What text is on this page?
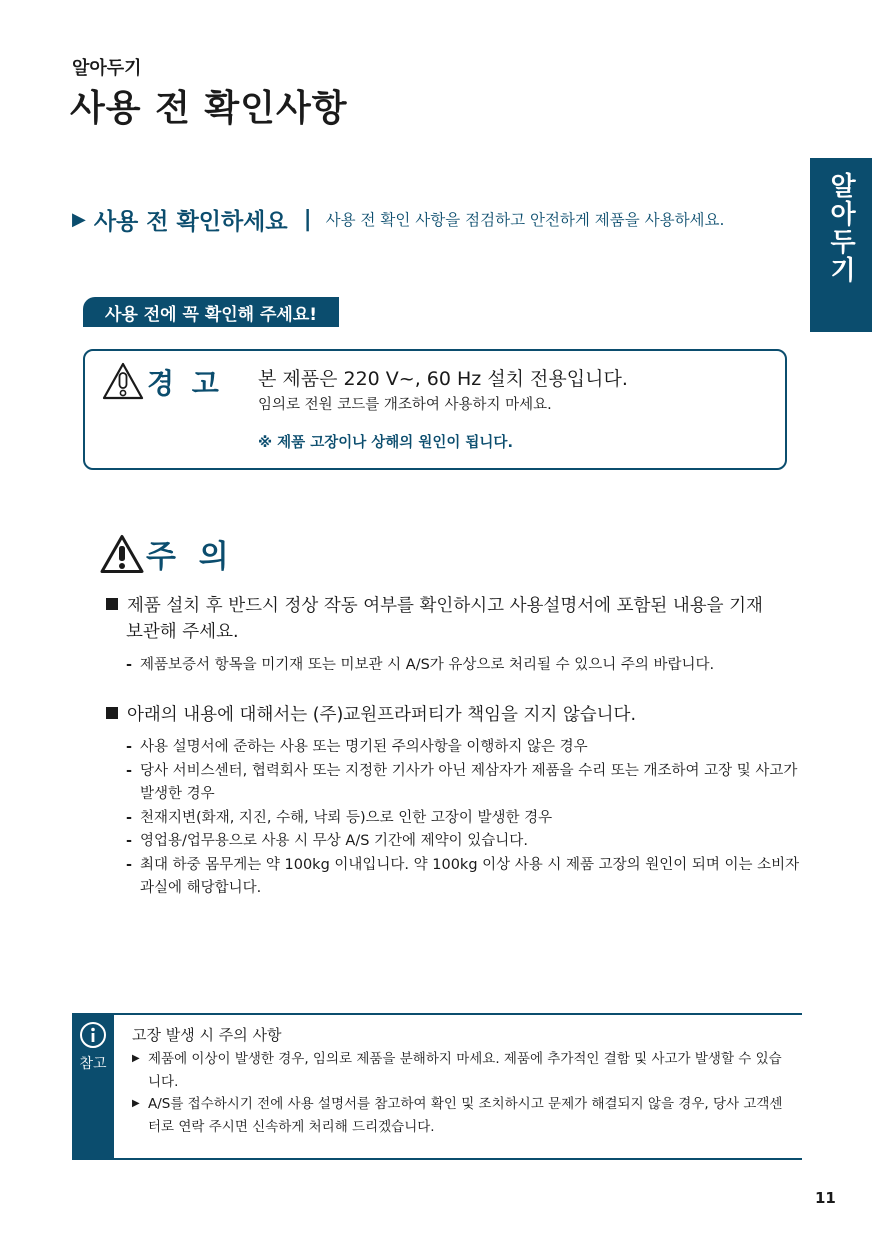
알아두기
사용 전 확인사항
알아두기
▶ 사용 전 확인하세요 | 사용 전 확인 사항을 점검하고 안전하게 제품을 사용하세요.
사용 전에 꼭 확인해 주세요!
경 고 본 제품은 220 V~, 60 Hz 설치 전용입니다.
임의로 전원 코드를 개조하여 사용하지 마세요.
※ 제품 고장이나 상해의 원인이 됩니다.
주 의
제품 설치 후 반드시 정상 작동 여부를 확인하시고 사용설명서에 포함된 내용을 기재
보관해 주세요.
- 제품보증서 항목을 미기재 또는 미보관 시 A/S가 유상으로 처리될 수 있으니 주의 바랍니다.
아래의 내용에 대해서는 (주)교원프라퍼티가 책임을 지지 않습니다.
- 사용 설명서에 준하는 사용 또는 명기된 주의사항을 이행하지 않은 경우
- 당사 서비스센터, 협력회사 또는 지정한 기사가 아닌 제삼자가 제품을 수리 또는 개조하여 고장 및 사고가 발생한 경우
- 천재지변(화재, 지진, 수해, 낙뢰 등)으로 인한 고장이 발생한 경우
- 영업용/업무용으로 사용 시 무상 A/S 기간에 제약이 있습니다.
- 최대 하중 몸무게는 약 100kg 이내입니다. 약 100kg 이상 사용 시 제품 고장의 원인이 되며 이는 소비자 과실에 해당합니다.
참고
고장 발생 시 주의 사항
▶ 제품에 이상이 발생한 경우, 임의로 제품을 분해하지 마세요. 제품에 추가적인 결함 및 사고가 발생할 수 있습니다.
▶ A/S를 접수하시기 전에 사용 설명서를 참고하여 확인 및 조치하시고 문제가 해결되지 않을 경우, 당사 고객센터로 연락 주시면 신속하게 처리해 드리겠습니다.
11
